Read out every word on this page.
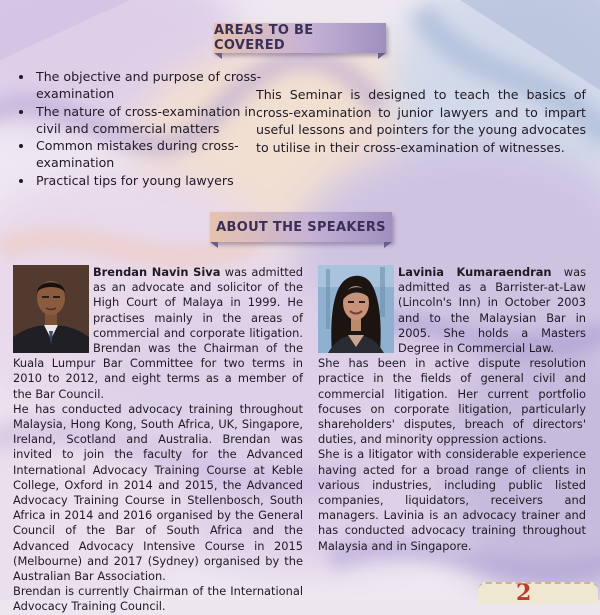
AREAS TO BE COVERED
• The objective and purpose of cross-examination
• The nature of cross-examination in civil and commercial matters
• Common mistakes during cross-examination
• Practical tips for young lawyers
This Seminar is designed to teach the basics of cross-examination to junior lawyers and to impart useful lessons and pointers for the young advocates to utilise in their cross-examination of witnesses.
ABOUT THE SPEAKERS

Brendan Navin Siva was admitted as an advocate and solicitor of the High Court of Malaya in 1999. He practises mainly in the areas of commercial and corporate litigation. Brendan was the Chairman of the Kuala Lumpur Bar Committee for two terms in 2010 to 2012, and eight terms as a member of the Bar Council.

He has conducted advocacy training throughout Malaysia, Hong Kong, South Africa, UK, Singapore, Ireland, Scotland and Australia. Brendan was invited to join the faculty for the Advanced International Advocacy Training Course at Keble College, Oxford in 2014 and 2015, the Advanced Advocacy Training Course in Stellenbosch, South Africa in 2014 and 2016 organised by the General Council of the Bar of South Africa and the Advanced Advocacy Intensive Course in 2015 (Melbourne) and 2017 (Sydney) organised by the Australian Bar Association.

Brendan is currently Chairman of the International Advocacy Training Council.

Lavinia Kumaraendran was admitted as a Barrister-at-Law (Lincoln's Inn) in October 2003 and to the Malaysian Bar in 2005. She holds a Masters Degree in Commercial Law.

She has been in active dispute resolution practice in the fields of general civil and commercial litigation. Her current portfolio focuses on corporate litigation, particularly shareholders' disputes, breach of directors' duties, and minority oppression actions.

She is a litigator with considerable experience having acted for a broad range of clients in various industries, including public listed companies, liquidators, receivers and managers. Lavinia is an advocacy trainer and has conducted advocacy training throughout Malaysia and in Singapore.

2
